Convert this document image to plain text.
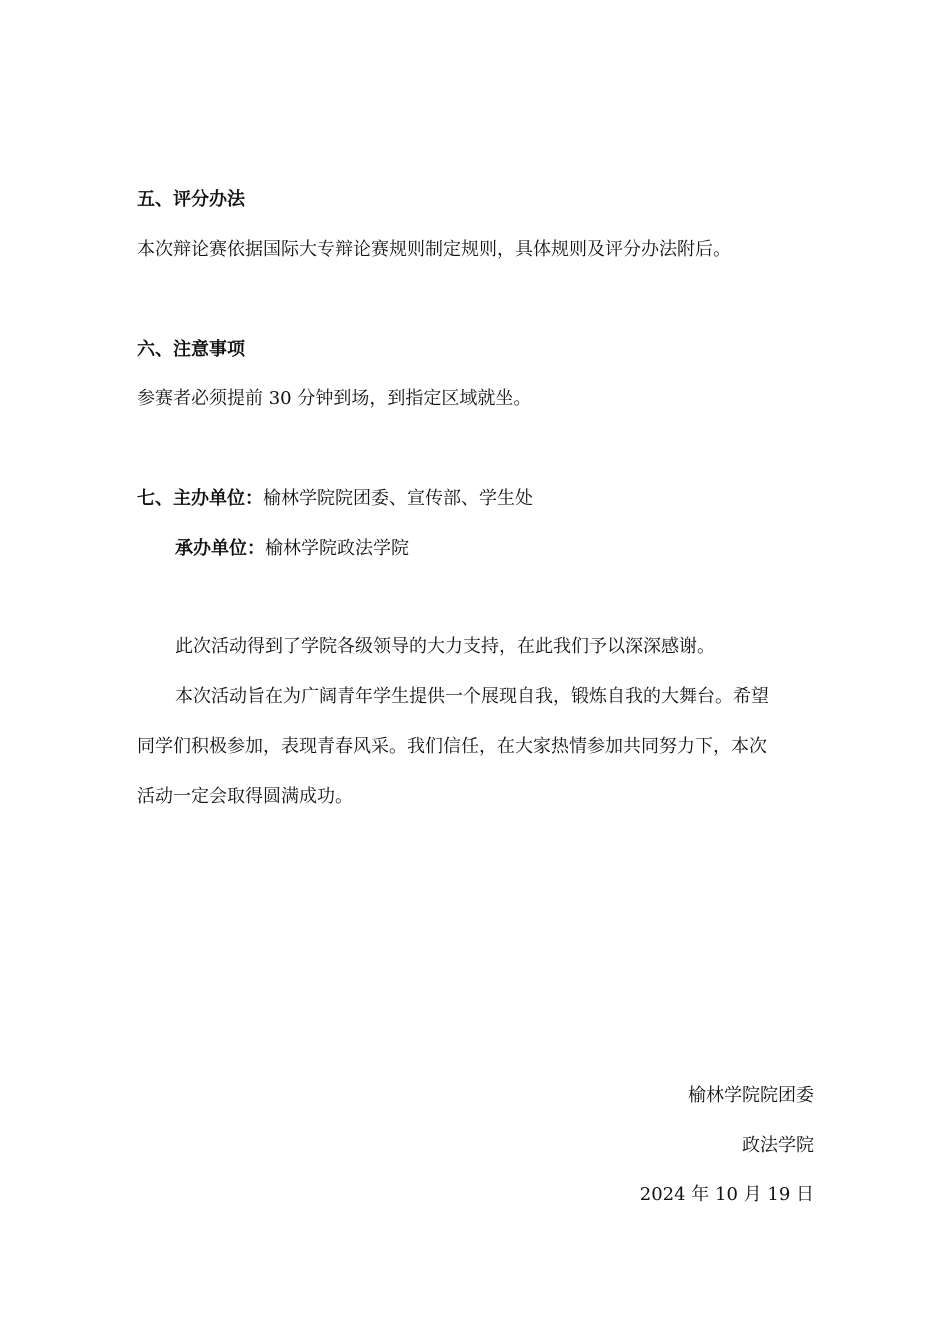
五、评分办法
本次辩论赛依据国际大专辩论赛规则制定规则，具体规则及评分办法附后。
六、注意事项
参赛者必须提前 30 分钟到场，到指定区域就坐。
七、主办单位：榆林学院院团委、宣传部、学生处
承办单位：榆林学院政法学院
此次活动得到了学院各级领导的大力支持，在此我们予以深深感谢。
本次活动旨在为广阔青年学生提供一个展现自我，锻炼自我的大舞台。希望
同学们积极参加，表现青春风采。我们信任，在大家热情参加共同努力下，本次
活动一定会取得圆满成功。
榆林学院院团委
政法学院
2024 年 10 月 19 日
